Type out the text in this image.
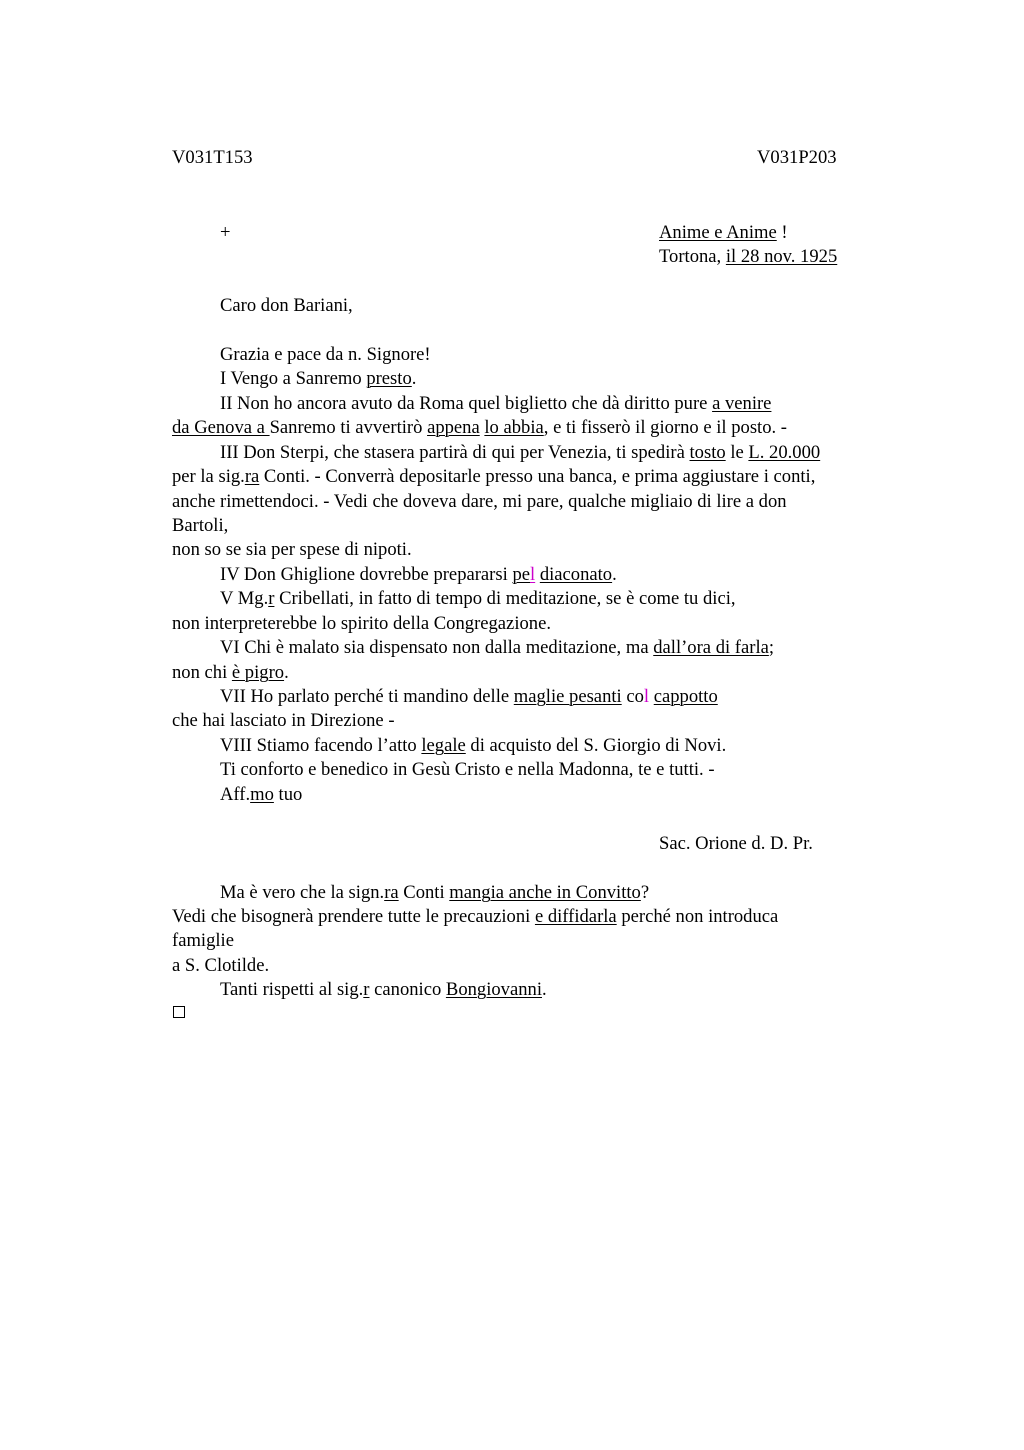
V031T153	V031P203
+	Anime e Anime !
Tortona, il 28 nov. 1925
Caro don Bariani,
Grazia e pace da n. Signore!
I Vengo a Sanremo presto.
II Non ho ancora avuto da Roma quel biglietto che dà diritto pure a venire
da Genova a Sanremo ti avvertirò appena lo abbia, e ti fisserò il giorno e il posto. -
III Don Sterpi, che stasera partirà di qui per Venezia, ti spedirà tosto le L. 20.000
per la sig.ra Conti. - Converrà depositarle presso una banca, e prima aggiustare i conti,
anche rimettendoci. - Vedi che doveva dare, mi pare, qualche migliaio di lire a don
Bartoli,
non so se sia per spese di nipoti.
IV Don Ghiglione dovrebbe prepararsi pel diaconato.
V Mg.r Cribellati, in fatto di tempo di meditazione, se è come tu dici,
non interpreterebbe lo spirito della Congregazione.
VI Chi è malato sia dispensato non dalla meditazione, ma dall’ora di farla;
non chi è pigro.
VII Ho parlato perché ti mandino delle maglie pesanti col cappotto
che hai lasciato in Direzione -
VIII Stiamo facendo l’atto legale di acquisto del S. Giorgio di Novi.
Ti conforto e benedico in Gesù Cristo e nella Madonna, te e tutti. -
Aff.mo tuo
Sac. Orione d. D. Pr.
Ma è vero che la sign.ra Conti mangia anche in Convitto?
Vedi che bisognerà prendere tutte le precauzioni e diffidarla perché non introduca
famiglie
a S. Clotilde.
Tanti rispetti al sig.r canonico Bongiovanni.
